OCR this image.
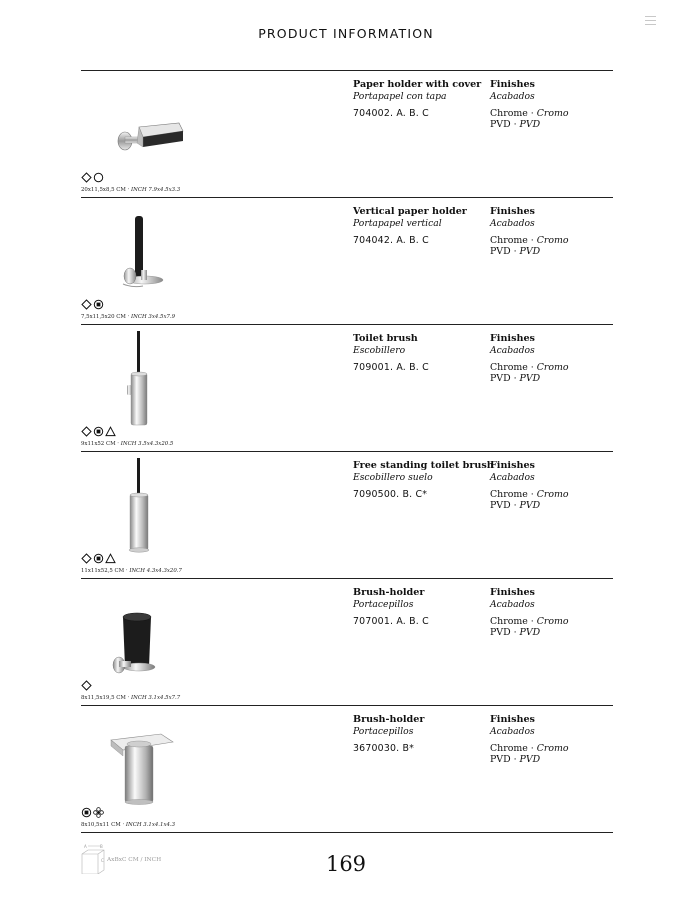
PRODUCT INFORMATION
20x11,5x8,5 CM · INCH 7.9x4.5x3.3
Paper holder with cover
Portapapel con tapa
704002. A. B. C
Finishes
Acabados
Chrome · Cromo
PVD · PVD
7,5x11,5x20 CM · INCH 3x4.5x7.9
Vertical paper holder
Portapapel vertical
704042. A. B. C
Finishes
Acabados
Chrome · Cromo
PVD · PVD
9x11x52 CM · INCH 3.5x4.3x20.5
Toilet brush
Escobillero
709001. A. B. C
Finishes
Acabados
Chrome · Cromo
PVD · PVD
11x11x52,5 CM · INCH 4.3x4.3x20.7
Free standing toilet brush
Escobillero suelo
7090500. B. C*
Finishes
Acabados
Chrome · Cromo
PVD · PVD
8x11,5x19,5 CM · INCH 3.1x4.5x7.7
Brush-holder
Portacepillos
707001. A. B. C
Finishes
Acabados
Chrome · Cromo
PVD · PVD
8x10,5x11 CM · INCH 3.1x4.1x4.3
Brush-holder
Portacepillos
3670030. B*
Finishes
Acabados
Chrome · Cromo
PVD · PVD
A	B
C AxBxC CM / INCH	169
